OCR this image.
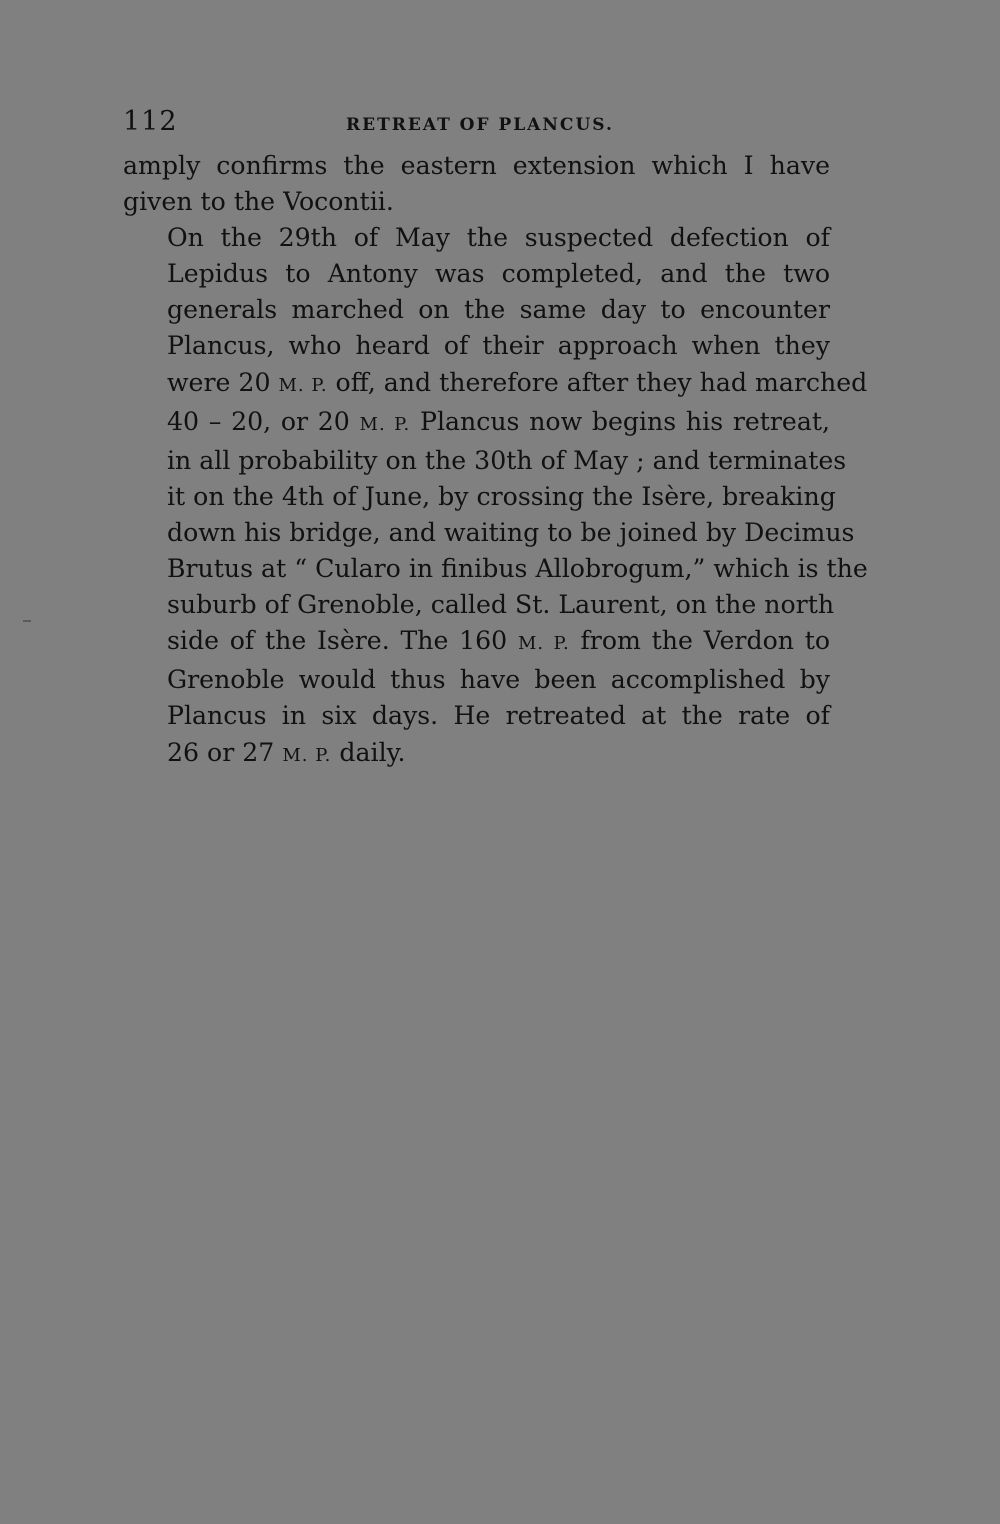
112	RETREAT OF PLANCUS.

amply confirms the eastern extension which I have
given to the Vocontii.

On the 29th of May the suspected defection of
Lepidus to Antony was completed, and the two
generals marched on the same day to encounter
Plancus, who heard of their approach when they
were 20 M. P. off, and therefore after they had marched
40 – 20, or 20 M. P. Plancus now begins his retreat,
in all probability on the 30th of May ; and terminates
it on the 4th of June, by crossing the Isère, breaking
down his bridge, and waiting to be joined by Decimus
Brutus at “ Cularo in finibus Allobrogum,” which is the
suburb of Grenoble, called St. Laurent, on the north
side of the Isère. The 160 M. P. from the Verdon to
Grenoble would thus have been accomplished by
Plancus in six days. He retreated at the rate of
26 or 27 M. P. daily.
